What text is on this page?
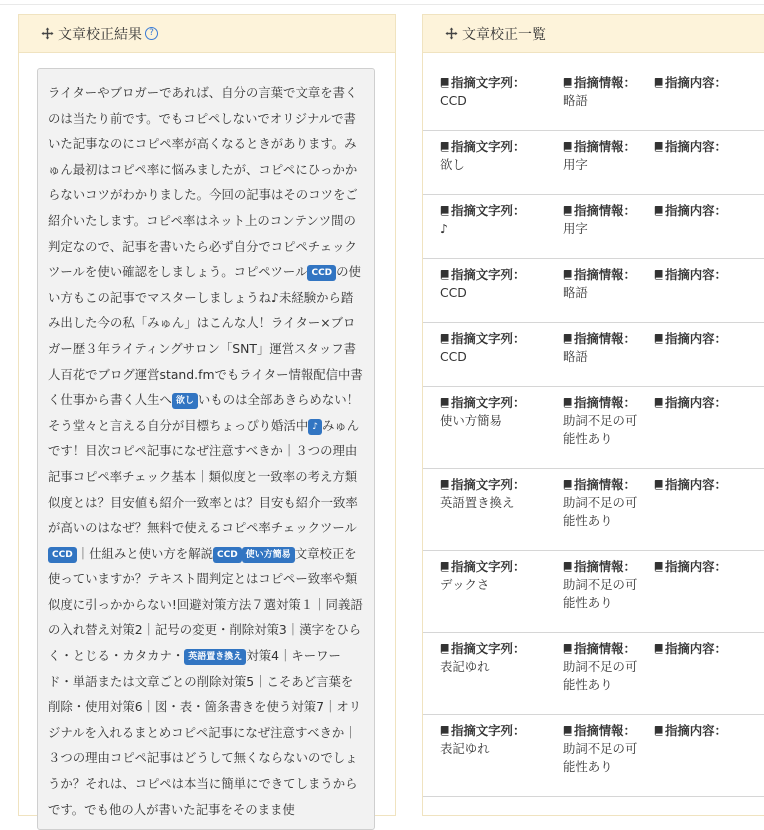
文章校正結果 ?
ライターやブロガーであれば、自分の言葉で文章を書くのは当たり前です。でもコピペしないでオリジナルで書いた記事なのにコピペ率が高くなるときがあります。みゅん最初はコピペ率に悩みましたが、コピペにひっかからないコツがわかりました。今回の記事はそのコツをご紹介いたします。コピペ率はネット上のコンテンツ間の判定なので、記事を書いたら必ず自分でコピペチェックツールを使い確認をしましょう。コピペツール CCD の使い方もこの記事でマスターしましょうね♪未経験から踏み出した今の私「みゅん」はこんな人！ライター×ブロガー歴３年ライティングサロン「SNT」運営スタッフ書人百花でブログ運営stand.fmでもライター情報配信中書く仕事から書く人生へ 欲し いものは全部あきらめない！そう堂々と言える自分が目標ちょっぴり婚活中 ♪ みゅんです！目次コピペ記事になぜ注意すべきか｜３つの理由記事コピペ率チェック基本｜類似度と一致率の考え方類似度とは？目安値も紹介一致率とは？目安も紹介一致率が高いのはなぜ？無料で使えるコピペ率チェックツールCCD ｜仕組みと使い方を解説 CCD 使い方簡易 文章校正を使っていますか？テキスト間判定とはコピペー致率や類似度に引っかからない!回避対策方法７選対策１｜同義語の入れ替え対策2｜記号の変更・削除対策3｜漢字をひらく・とじる・カタカナ・ 英語置き換え 対策4｜キーワード・単語または文章ごとの削除対策5｜こそあど言葉を削除・使用対策6｜図・表・箇条書きを使う対策7｜オリジナルを入れるまとめコピペ記事になぜ注意すべきか｜３つの理由コピペ記事はどうして無くならないのでしょうか？それは、コピペは本当に簡単にできてしまうからです。でも他の人が書いた記事をそのまま使
文章校正一覧
指摘文字列：
CCD
指摘情報：
略語
指摘内容：
指摘文字列：
欲し
指摘情報：
用字
指摘内容：
指摘文字列：
♪
指摘情報：
用字
指摘内容：
指摘文字列：
CCD
指摘情報：
略語
指摘内容：
指摘文字列：
CCD
指摘情報：
略語
指摘内容：
指摘文字列：
使い方簡易
指摘情報：
助詞不足の可能性あり
指摘内容：
指摘文字列：
英語置き換え
指摘情報：
助詞不足の可能性あり
指摘内容：
指摘文字列：
デックさ
指摘情報：
助詞不足の可能性あり
指摘内容：
指摘文字列：
表記ゆれ
指摘情報：
助詞不足の可能性あり
指摘内容：
指摘文字列：
表記ゆれ
指摘情報：
助詞不足の可能性あり
指摘内容：
